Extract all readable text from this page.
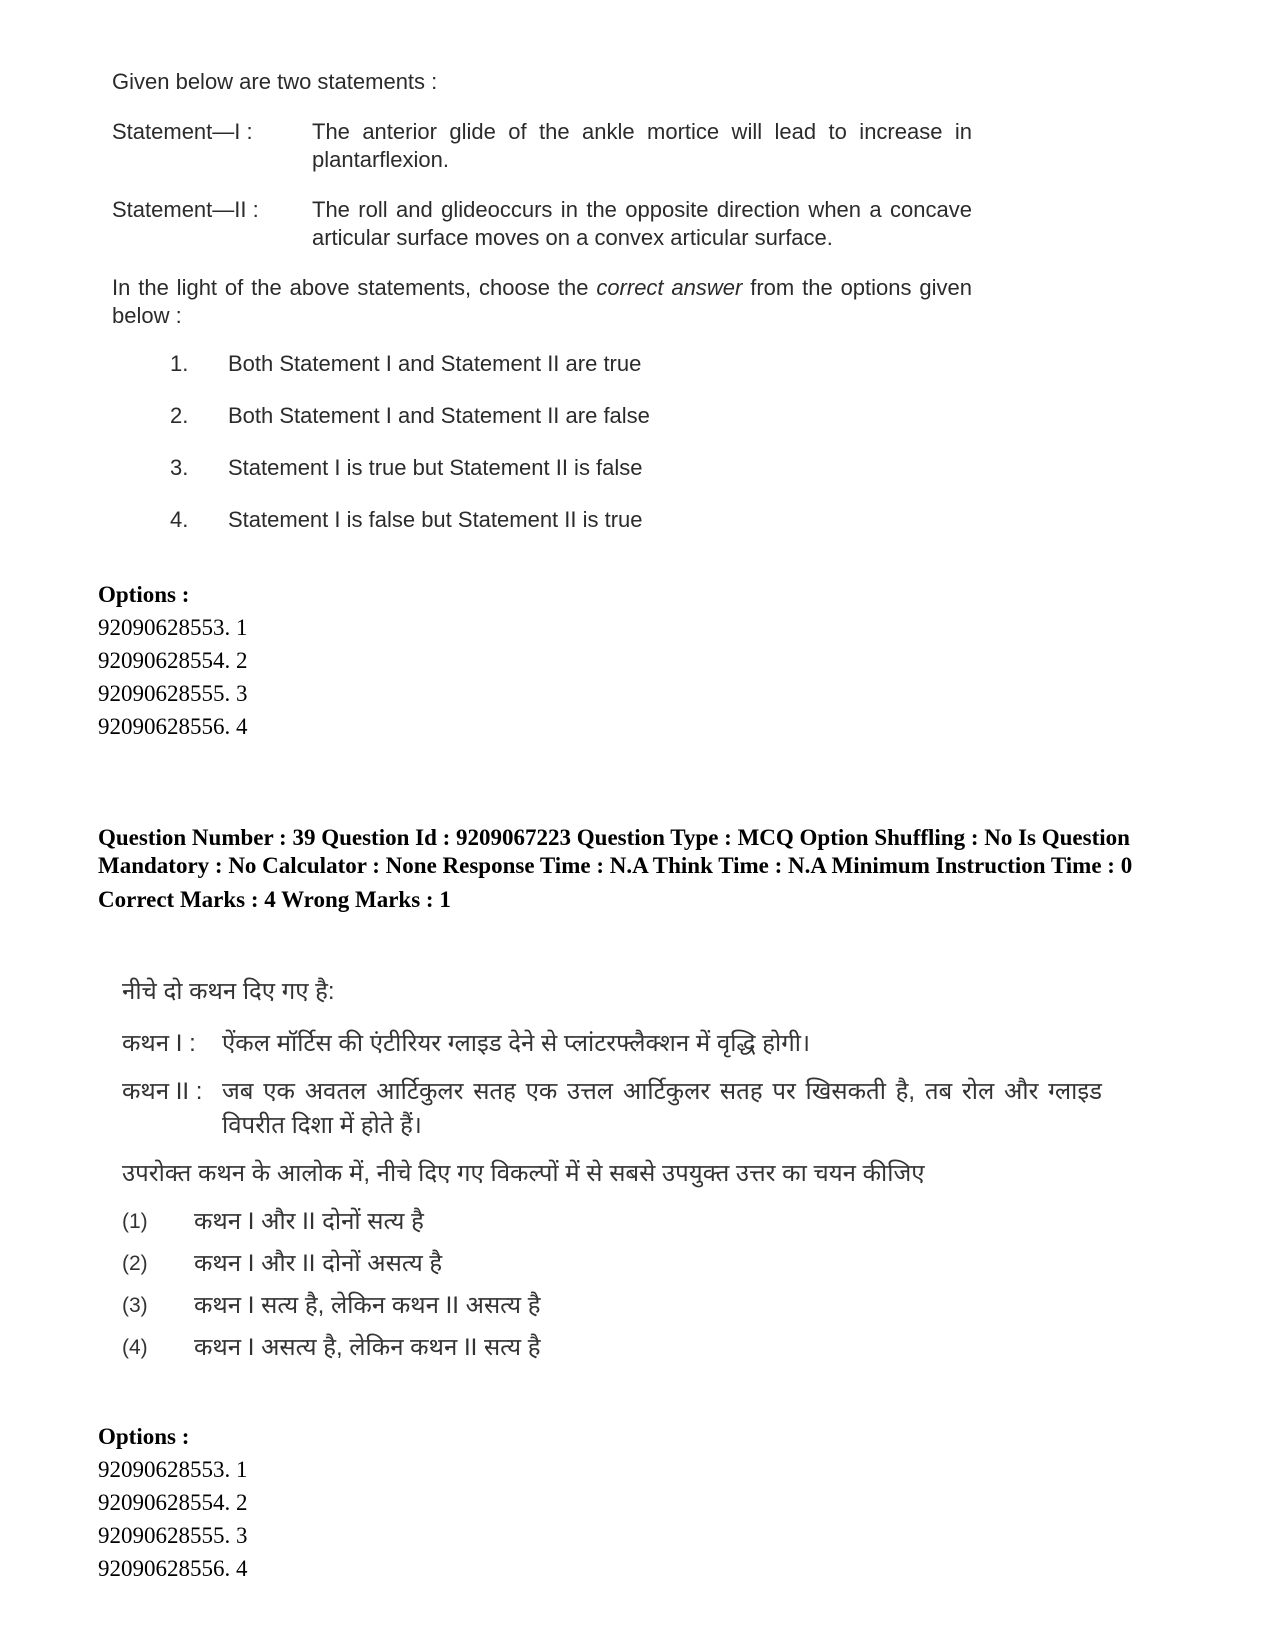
Given below are two statements :
Statement—I :	The anterior glide of the ankle mortice will lead to increase in plantarflexion.
Statement—II :	The roll and glideoccurs in the opposite direction when a concave articular surface moves on a convex articular surface.
In the light of the above statements, choose the correct answer from the options given below :
1.	Both Statement I and Statement II are true
2.	Both Statement I and Statement II are false
3.	Statement I is true but Statement II is false
4.	Statement I is false but Statement II is true
Options :
92090628553. 1
92090628554. 2
92090628555. 3
92090628556. 4
Question Number : 39 Question Id : 9209067223 Question Type : MCQ Option Shuffling : No Is Question Mandatory : No Calculator : None Response Time : N.A Think Time : N.A Minimum Instruction Time : 0
Correct Marks : 4 Wrong Marks : 1
नीचे दो कथन दिए गए है:
कथन I :	ऐंकल मॉर्टिस की एंटीरियर ग्लाइड देने से प्लांटरफ्लैक्शन में वृद्धि होगी।
कथन II : जब एक अवतल आर्टिकुलर सतह एक उत्तल आर्टिकुलर सतह पर खिसकती है, तब रोल और ग्लाइड विपरीत दिशा में होते हैं।
उपरोक्त कथन के आलोक में, नीचे दिए गए विकल्पों में से सबसे उपयुक्त उत्तर का चयन कीजिए
(1)	कथन I और II दोनों सत्य है
(2)	कथन I और II दोनों असत्य है
(3)	कथन I सत्य है, लेकिन कथन II असत्य है
(4)	कथन I असत्य है, लेकिन कथन II सत्य है
Options :
92090628553. 1
92090628554. 2
92090628555. 3
92090628556. 4
